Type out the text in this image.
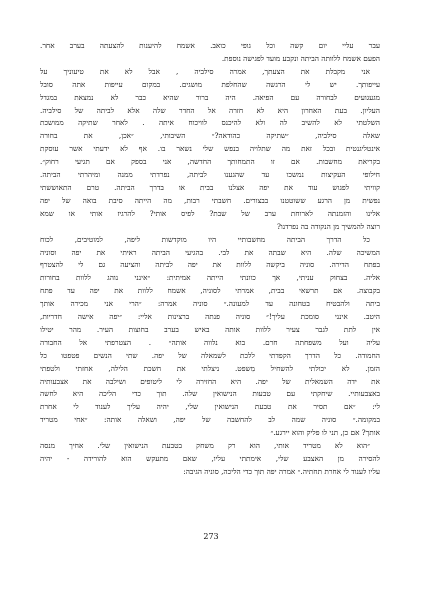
עבר עליי יום קשה וכל גופי כואב. אשמח להיענות להצעתה בערב אחר.
הפעם אשמח ללוותה הביתה ונקבע מועד לפגישה נוספת.

אני מקבלת את הצעתך, אמרה סילביה , אבל לא את טיעוניך על
עייפותך. יש לי הרגשה שהחלפת מושגים. במקום עייפות אתה סובל
מגעגועים לבחורה עם הפיאה. היה ברור שהיא כבר לא נמצאת במגדל
העליון. בעת האחרון היא לא חזרה אל החדר שלה אלא לביתה של סילביה.
השלטתי לא להשיב לה ולא להיכנס לוויכוח איתה . לאחר שתיקה ממושכת
שאלה סילביה, ״שתיקה כהודאה?״ השיבותי, ״אכן, את בחורה
אינטליגנטית ובכל זאת מה שתלויה בנפש שלי נשאר בו. אף לא ידעתי אשר עוסקת
בקריאת מחשבות. אם זו התמחותך החדשה, אני בספק אם תגיעי רחוק״.
חילופי העקיצות נמשכו עד שהגענו לביתה, נפרדתי ממנה ומיהרתי הביתה.
קוויתי לפגוש עוד את יפה אצלנו בבית או בדרך הביתה. טרם התאוששתי
נפשית מן הרגע ששוטטנו בבצורים. חשבתי רבות, מה הייתה סיבת בואה של יפה
אלינו והזמנתה לארוחת ערב של שבת? לפיס אותי? להרגיז אותי או שמא
רוצה להמשיך מן הנקודה בה נפרדנו?

כל הדרך הביתה מחשבותיי היו מוקדשות ליפה, למוטיבים, לכוח
המשיכה שלה. היא שבתה את לבי. בהגיעי הביתה ראיתי את יפה וסוניה
בפתח הדירה. סוניה ביקשה ללוות את יפה לביתה והציעה גם לי להצטרף
אליה. בצחוק עניתי, אך כוונתי הייתה אמיתית: ״אינני נוהג ללוות בחורות
בקבוצה. אם תרשאי בבית, אמרתי לסוניה, אשמח ללוות את יפה עד פתח
ביתה ולהבטיח בטחונה עד למעונה.״ סוניה אמרה: ״הרי אני מכירה אותך
היטב. אינני סומכת עליך!״ סוניה פנתה ברצינות אליי: ״יפה אישה חדריות,
אין לתת לגבר צעיר ללוות אותה באיש בערב בחוצות העיר. מהר יטילו
עליה ועל משפחתה חרם. בוא נלווה אותה״ . הצטרפתי אל החבורה
החמודה. כל הדרך הקפדתי ללכת לשמאלה של יפה. שתי הנשים פטפטו כל
הזמן. לא יכולתי להשחיל מִשפט. ניצלתי את חשכת הלילה, אחזתי ולטפתי
את ידה השמאלית של יפה. היא החזירה לי ליטופים ושילבה את אצבעותיה
באצבעותיי. שיחקתי עם טבעות הנישואין שלה. תוך כדי הליכה היא לחשה
לי: ״אם תסיר את טבעת הנישואין שלי, יהיה עליך לענוד לי אחרת
במקומה.״ סוניה שמה לב להחשבה של יפה, ושאלה אותה: ״אחי מטריד
אותך? אם כן, תני לו פליק והוא יירגע.״

״הוא לא מטריד אותי, הוא רק משחק בטבעת הנישואין שלי. אחיך מנסה
להסירה מן האצבע שלי, אימתתי עליו, שאם מתעקש הוא להורידה - יהיה
עליו לענוד לי אחרת תחתיה.״ אמרה יפה תוך כדי הליכה, סוניה הגיבה:

273
